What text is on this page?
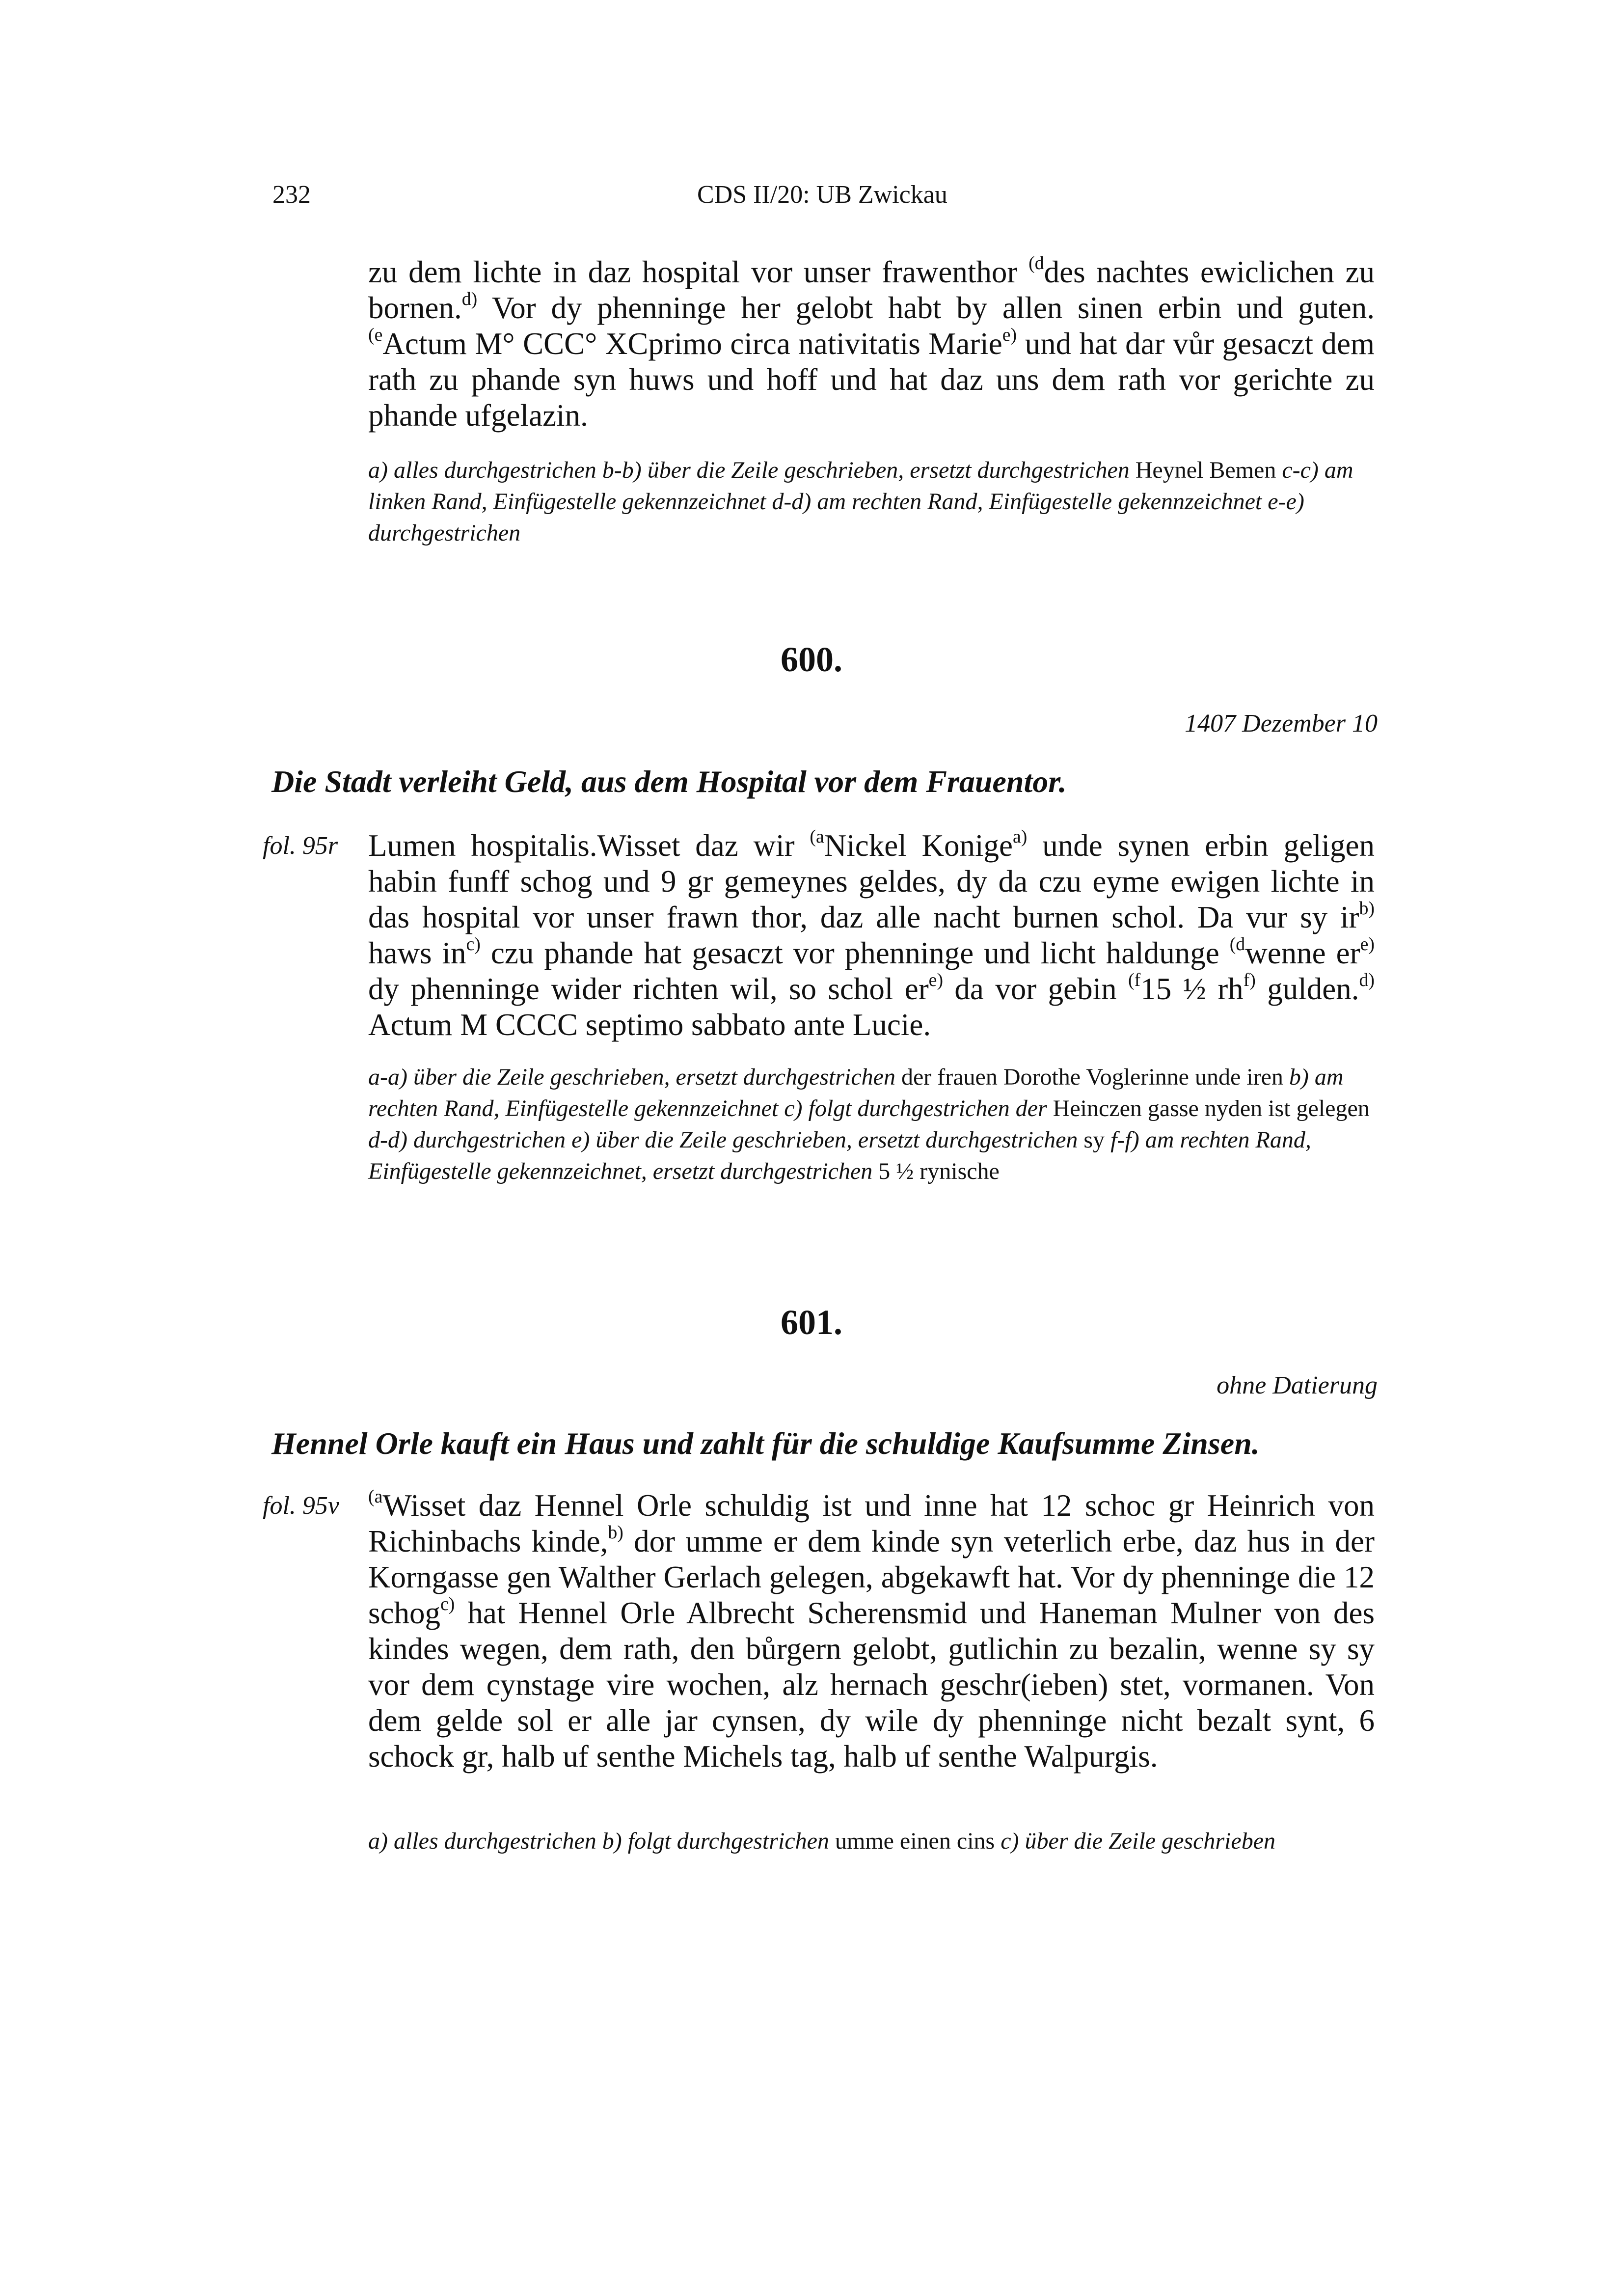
232	CDS II/20: UB Zwickau
zu dem lichte in daz hospital vor unser frawenthor $^{(d}$des nachtes ewiclichen zu bornen.$^{d)}$ Vor dy phenninge her gelobt habt by allen sinen erbin und guten. $^{(e}$Actum M° CCC° XCprimo circa nativitatis Marie$^{e)}$ und hat dar vůr gesaczt dem rath zu phande syn huws und hoff und hat daz uns dem rath vor gerichte zu phande ufgelazin.
a) alles durchgestrichen b-b) über die Zeile geschrieben, ersetzt durchgestrichen Heynel Bemen c-c) am linken Rand, Einfügestelle gekennzeichnet d-d) am rechten Rand, Einfügestelle gekennzeichnet e-e) durchgestrichen
600.
1407 Dezember 10
Die Stadt verleiht Geld, aus dem Hospital vor dem Frauentor.
fol. 95r Lumen hospitalis.Wisset daz wir $^{(a}$Nickel Konige$^{a)}$ unde synen erbin geligen habin funff schog und 9 gr gemeynes geldes, dy da czu eyme ewigen lichte in das hospital vor unser frawn thor, daz alle nacht burnen schol. Da vur sy $ir^{b)}$ haws $in^{c)}$ czu phande hat gesaczt vor phenninge und licht haldunge $^{(d}$wenne $er^{e)}$ dy phenninge wider richten wil, so schol $er^{e)}$ da vor gebin $^{(f}$15 ½ $rh^{f)}$ gulden.$^{d)}$ Actum M CCCC septimo sabbato ante Lucie.
a-a) über die Zeile geschrieben, ersetzt durchgestrichen der frauen Dorothe Voglerinne unde iren b) am rechten Rand, Einfügestelle gekennzeichnet c) folgt durchgestrichen der Heinczen gasse nyden ist gelegen d-d) durchgestrichen e) über die Zeile geschrieben, ersetzt durchgestrichen sy f-f) am rechten Rand, Einfügestelle gekennzeichnet, ersetzt durchgestrichen 5 ½ rynische
601.
ohne Datierung
Hennel Orle kauft ein Haus und zahlt für die schuldige Kaufsumme Zinsen.
fol. 95v $^{(a}$Wisset daz Hennel Orle schuldig ist und inne hat 12 schoc gr Heinrich von Richinbachs kinde,$^{b)}$ dor umme er dem kinde syn veterlich erbe, daz hus in der Korngasse gen Walther Gerlach gelegen, abgekawft hat. Vor dy phenninge die 12 schog$^{c)}$ hat Hennel Orle Albrecht Scherensmid und Haneman Mulner von des kindes wegen, dem rath, den bůrgern gelobt, gutlichin zu bezalin, wenne sy sy vor dem cynstage vire wochen, alz hernach geschr(ieben) stet, vormanen. Von dem gelde sol er alle jar cynsen, dy wile dy phenninge nicht bezalt synt, 6 schock gr, halb uf senthe Michels tag, halb uf senthe Walpurgis.
a) alles durchgestrichen b) folgt durchgestrichen umme einen cins c) über die Zeile geschrieben
